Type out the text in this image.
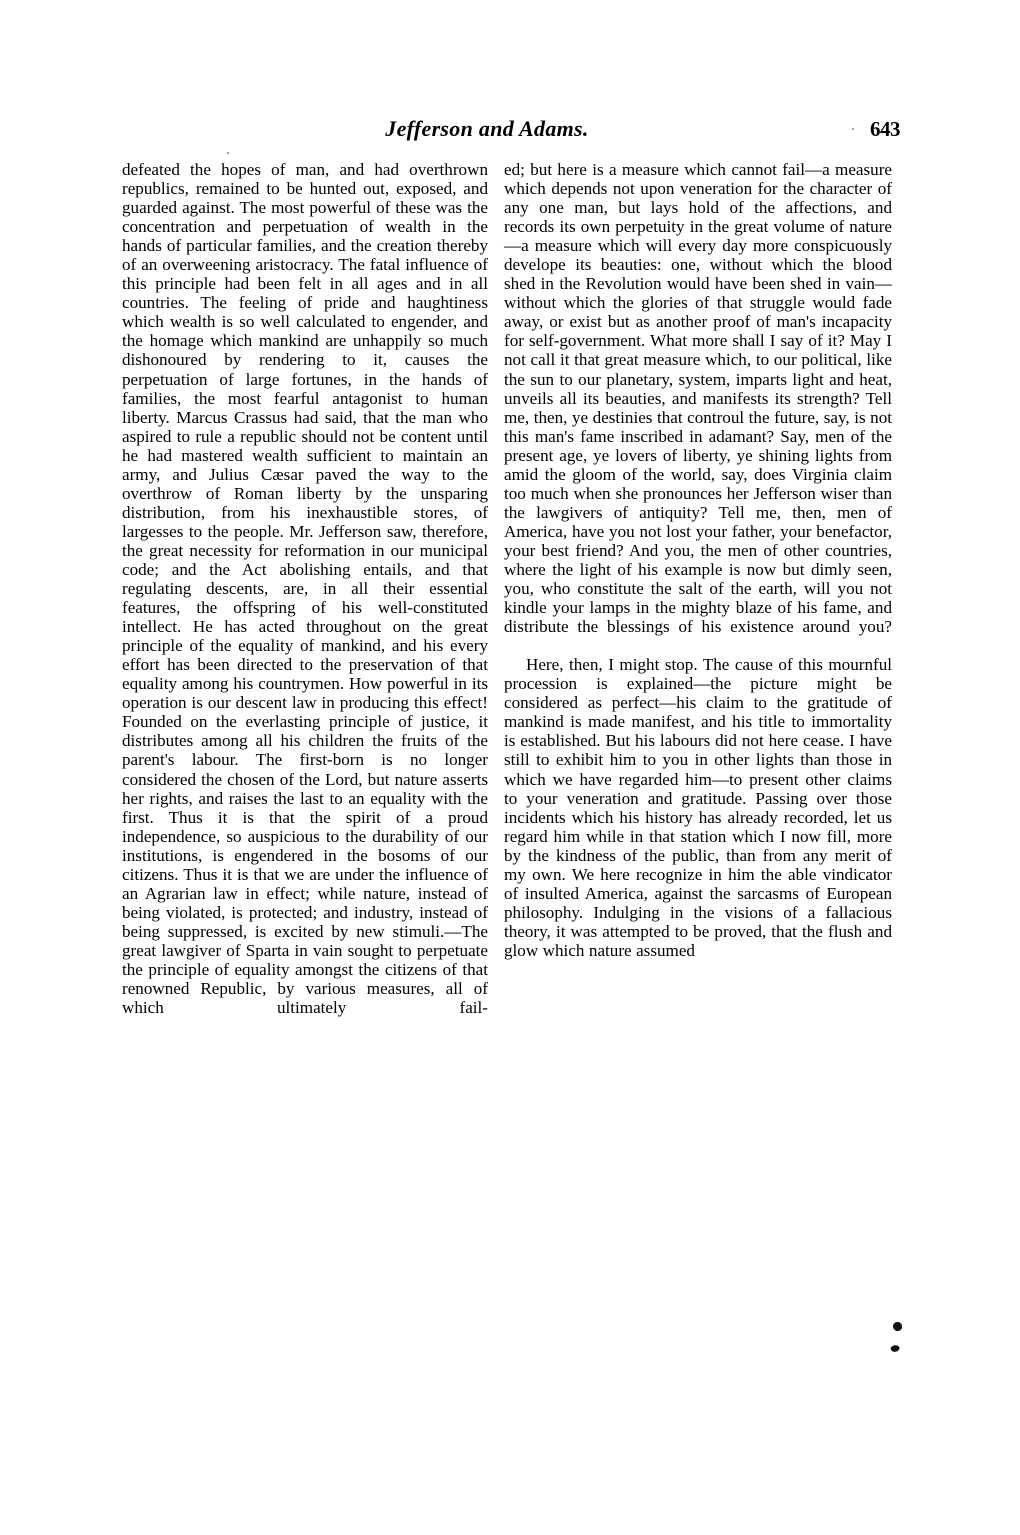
Jefferson and Adams.	643

defeated the hopes of man, and had overthrown republics, remained to be hunted out, exposed, and guarded against. The most powerful of these was the concentration and perpetuation of wealth in the hands of particular families, and the creation thereby of an overweening aristocracy. The fatal influence of this principle had been felt in all ages and in all countries. The feeling of pride and haughtiness which wealth is so well calculated to engender, and the homage which mankind are unhappily so much dishonoured by rendering to it, causes the perpetuation of large fortunes, in the hands of families, the most fearful antagonist to human liberty. Marcus Crassus had said, that the man who aspired to rule a republic should not be content until he had mastered wealth sufficient to maintain an army, and Julius Cæsar paved the way to the overthrow of Roman liberty by the unsparing distribution, from his inexhaustible stores, of largesses to the people. Mr. Jefferson saw, therefore, the great necessity for reformation in our municipal code; and the Act abolishing entails, and that regulating descents, are, in all their essential features, the offspring of his well-constituted intellect. He has acted throughout on the great principle of the equality of mankind, and his every effort has been directed to the preservation of that equality among his countrymen. How powerful in its operation is our descent law in producing this effect! Founded on the everlasting principle of justice, it distributes among all his children the fruits of the parent's labour. The first-born is no longer considered the chosen of the Lord, but nature asserts her rights, and raises the last to an equality with the first. Thus it is that the spirit of a proud independence, so auspicious to the durability of our institutions, is engendered in the bosoms of our citizens. Thus it is that we are under the influence of an Agrarian law in effect; while nature, instead of being violated, is protected; and industry, instead of being suppressed, is excited by new stimuli.—The great lawgiver of Sparta in vain sought to perpetuate the principle of equality amongst the citizens of that renowned Republic, by various measures, all of which ultimately fail-

ed; but here is a measure which cannot fail—a measure which depends not upon veneration for the character of any one man, but lays hold of the affections, and records its own perpetuity in the great volume of nature—a measure which will every day more conspicuously develope its beauties: one, without which the blood shed in the Revolution would have been shed in vain—without which the glories of that struggle would fade away, or exist but as another proof of man's incapacity for self-government. What more shall I say of it? May I not call it that great measure which, to our political, like the sun to our planetary, system, imparts light and heat, unveils all its beauties, and manifests its strength? Tell me, then, ye destinies that controul the future, say, is not this man's fame inscribed in adamant? Say, men of the present age, ye lovers of liberty, ye shining lights from amid the gloom of the world, say, does Virginia claim too much when she pronounces her Jefferson wiser than the lawgivers of antiquity? Tell me, then, men of America, have you not lost your father, your benefactor, your best friend? And you, the men of other countries, where the light of his example is now but dimly seen, you, who constitute the salt of the earth, will you not kindle your lamps in the mighty blaze of his fame, and distribute the blessings of his existence around you?

Here, then, I might stop. The cause of this mournful procession is explained—the picture might be considered as perfect—his claim to the gratitude of mankind is made manifest, and his title to immortality is established. But his labours did not here cease. I have still to exhibit him to you in other lights than those in which we have regarded him—to present other claims to your veneration and gratitude. Passing over those incidents which his history has already recorded, let us regard him while in that station which I now fill, more by the kindness of the public, than from any merit of my own. We here recognize in him the able vindicator of insulted America, against the sarcasms of European philosophy. Indulging in the visions of a fallacious theory, it was attempted to be proved, that the flush and glow which nature assumed
